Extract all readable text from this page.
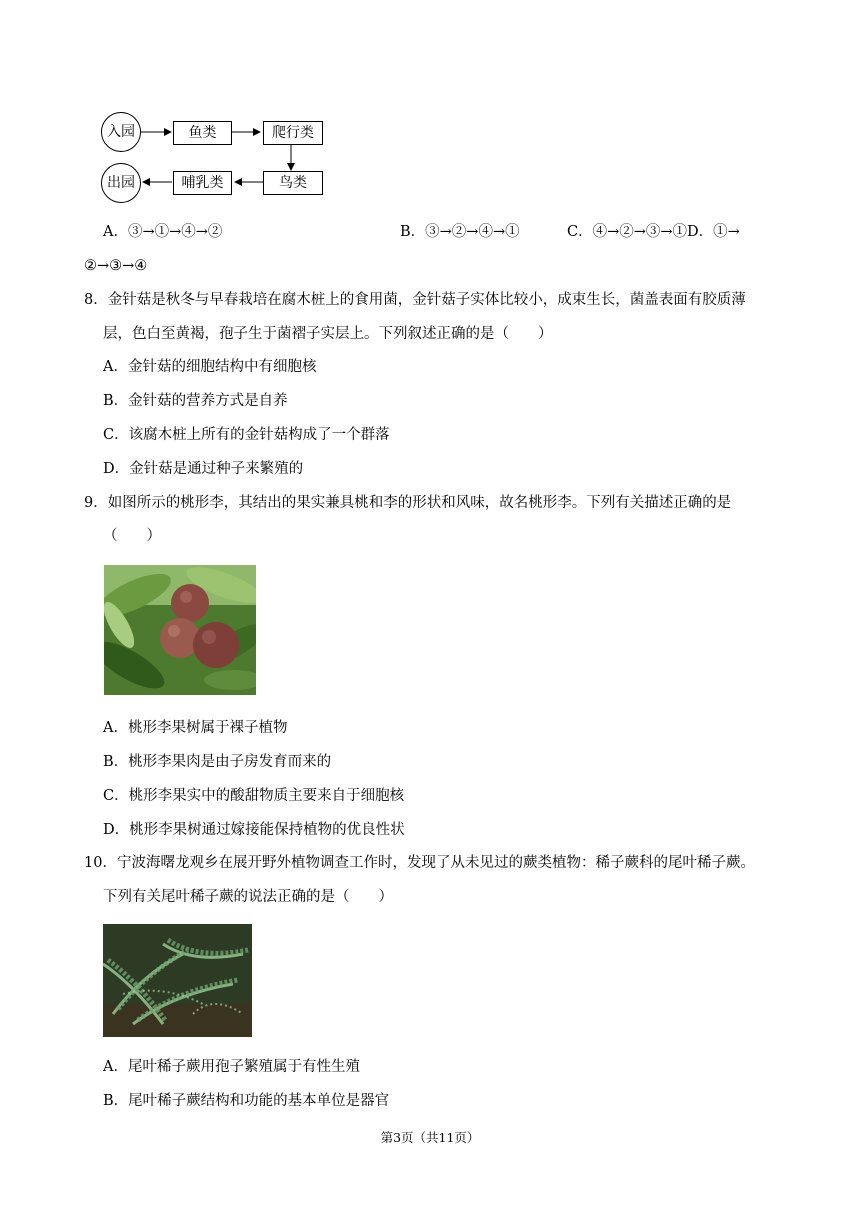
入园	鱼类	爬行类
出园	哺乳类	鸟类
A．③→①→④→②	B．③→②→④→①	C．④→②→③→①D．①→
②→③→④
8．金针菇是秋冬与早春栽培在腐木桩上的食用菌，金针菇子实体比较小，成束生长，菌盖表面有胶质薄
层，色白至黄褐，孢子生于菌褶子实层上。下列叙述正确的是（　　）
A．金针菇的细胞结构中有细胞核
B．金针菇的营养方式是自养
C．该腐木桩上所有的金针菇构成了一个群落
D．金针菇是通过种子来繁殖的
9．如图所示的桃形李，其结出的果实兼具桃和李的形状和风味，故名桃形李。下列有关描述正确的是
（　　）
A．桃形李果树属于裸子植物
B．桃形李果肉是由子房发育而来的
C．桃形李果实中的酸甜物质主要来自于细胞核
D．桃形李果树通过嫁接能保持植物的优良性状
10．宁波海曙龙观乡在展开野外植物调查工作时，发现了从未见过的蕨类植物：稀子蕨科的尾叶稀子蕨。
下列有关尾叶稀子蕨的说法正确的是（　　）
A．尾叶稀子蕨用孢子繁殖属于有性生殖
B．尾叶稀子蕨结构和功能的基本单位是器官
第3页（共11页）
